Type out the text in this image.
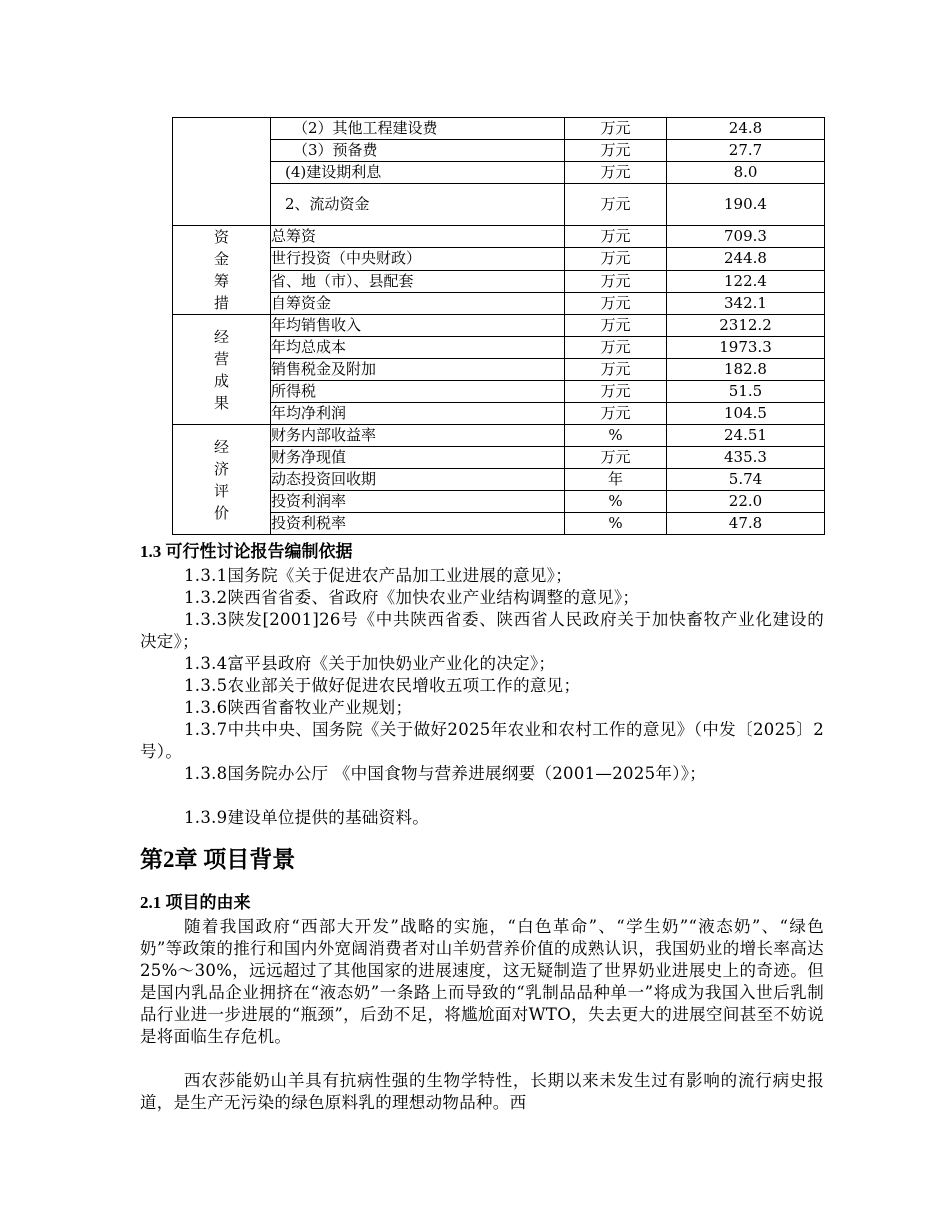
	（2）其他工程建设费	万元	24.8
	（3）预备费	万元	27.7
	(4)建设期利息	万元	8.0
	2、流动资金	万元	190.4
资金筹措	总筹资	万元	709.3
	世行投资（中央财政）	万元	244.8
	省、地（市）、县配套	万元	122.4
	自筹资金	万元	342.1
经营成果	年均销售收入	万元	2312.2
	年均总成本	万元	1973.3
	销售税金及附加	万元	182.8
	所得税	万元	51.5
	年均净利润	万元	104.5
经济评价	财务内部收益率	%	24.51
	财务净现值	万元	435.3
	动态投资回收期	年	5.74
	投资利润率	%	22.0
	投资利税率	%	47.8
1.3 可行性讨论报告编制依据

1.3.1国务院《关于促进农产品加工业进展的意见》；

1.3.2陕西省省委、省政府《加快农业产业结构调整的意见》；

1.3.3陕发[2001]26号《中共陕西省委、陕西省人民政府关于加快畜牧产业化建设的决定》；

1.3.4富平县政府《关于加快奶业产业化的决定》；

1.3.5农业部关于做好促进农民增收五项工作的意见；

1.3.6陕西省畜牧业产业规划；

1.3.7中共中央、国务院《关于做好2025年农业和农村工作的意见》（中发〔2025〕2号）。

1.3.8国务院办公厅 《中国食物与营养进展纲要（2001—2025年）》；

1.3.9建设单位提供的基础资料。

第2章 项目背景
2.1 项目的由来

随着我国政府“西部大开发”战略的实施，“白色革命”、“学生奶”“液态奶”、“绿色奶”等政策的推行和国内外宽阔消费者对山羊奶营养价值的成熟认识，我国奶业的增长率高达25%～30%，远远超过了其他国家的进展速度，这无疑制造了世界奶业进展史上的奇迹。但是国内乳品企业拥挤在“液态奶”一条路上而导致的“乳制品品种单一”将成为我国入世后乳制品行业进一步进展的“瓶颈”，后劲不足，将尴尬面对WTO，失去更大的进展空间甚至不妨说是将面临生存危机。

西农莎能奶山羊具有抗病性强的生物学特性，长期以来未发生过有影响的流行病史报道，是生产无污染的绿色原料乳的理想动物品种。西
